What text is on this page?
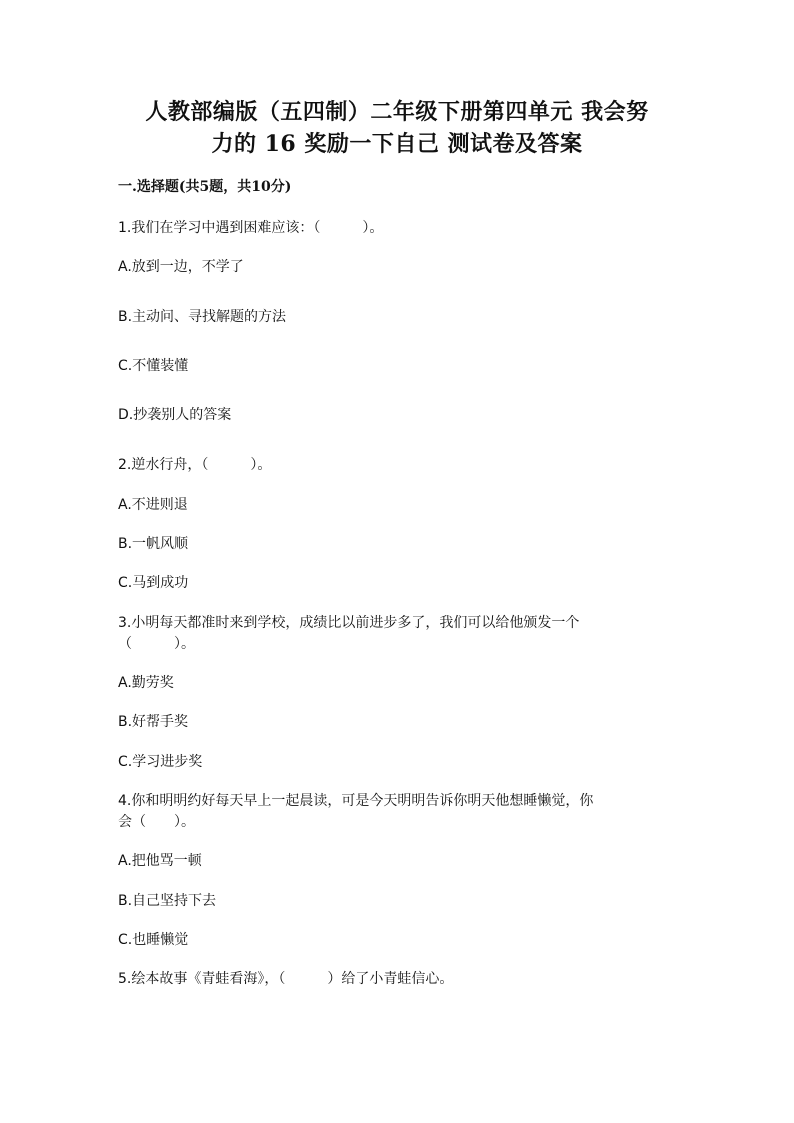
人教部编版（五四制）二年级下册第四单元 我会努
力的 16 奖励一下自己 测试卷及答案
一.选择题(共5题，共10分)
1.我们在学习中遇到困难应该：（　　　）。
A.放到一边，不学了
B.主动问、寻找解题的方法
C.不懂装懂
D.抄袭别人的答案
2.逆水行舟，（　　　）。
A.不进则退
B.一帆风顺
C.马到成功
3.小明每天都准时来到学校，成绩比以前进步多了，我们可以给他颁发一个
（　　　）。
A.勤劳奖
B.好帮手奖
C.学习进步奖
4.你和明明约好每天早上一起晨读，可是今天明明告诉你明天他想睡懒觉，你
会（　　）。
A.把他骂一顿
B.自己坚持下去
C.也睡懒觉
5.绘本故事《青蛙看海》，（　　　）给了小青蛙信心。
